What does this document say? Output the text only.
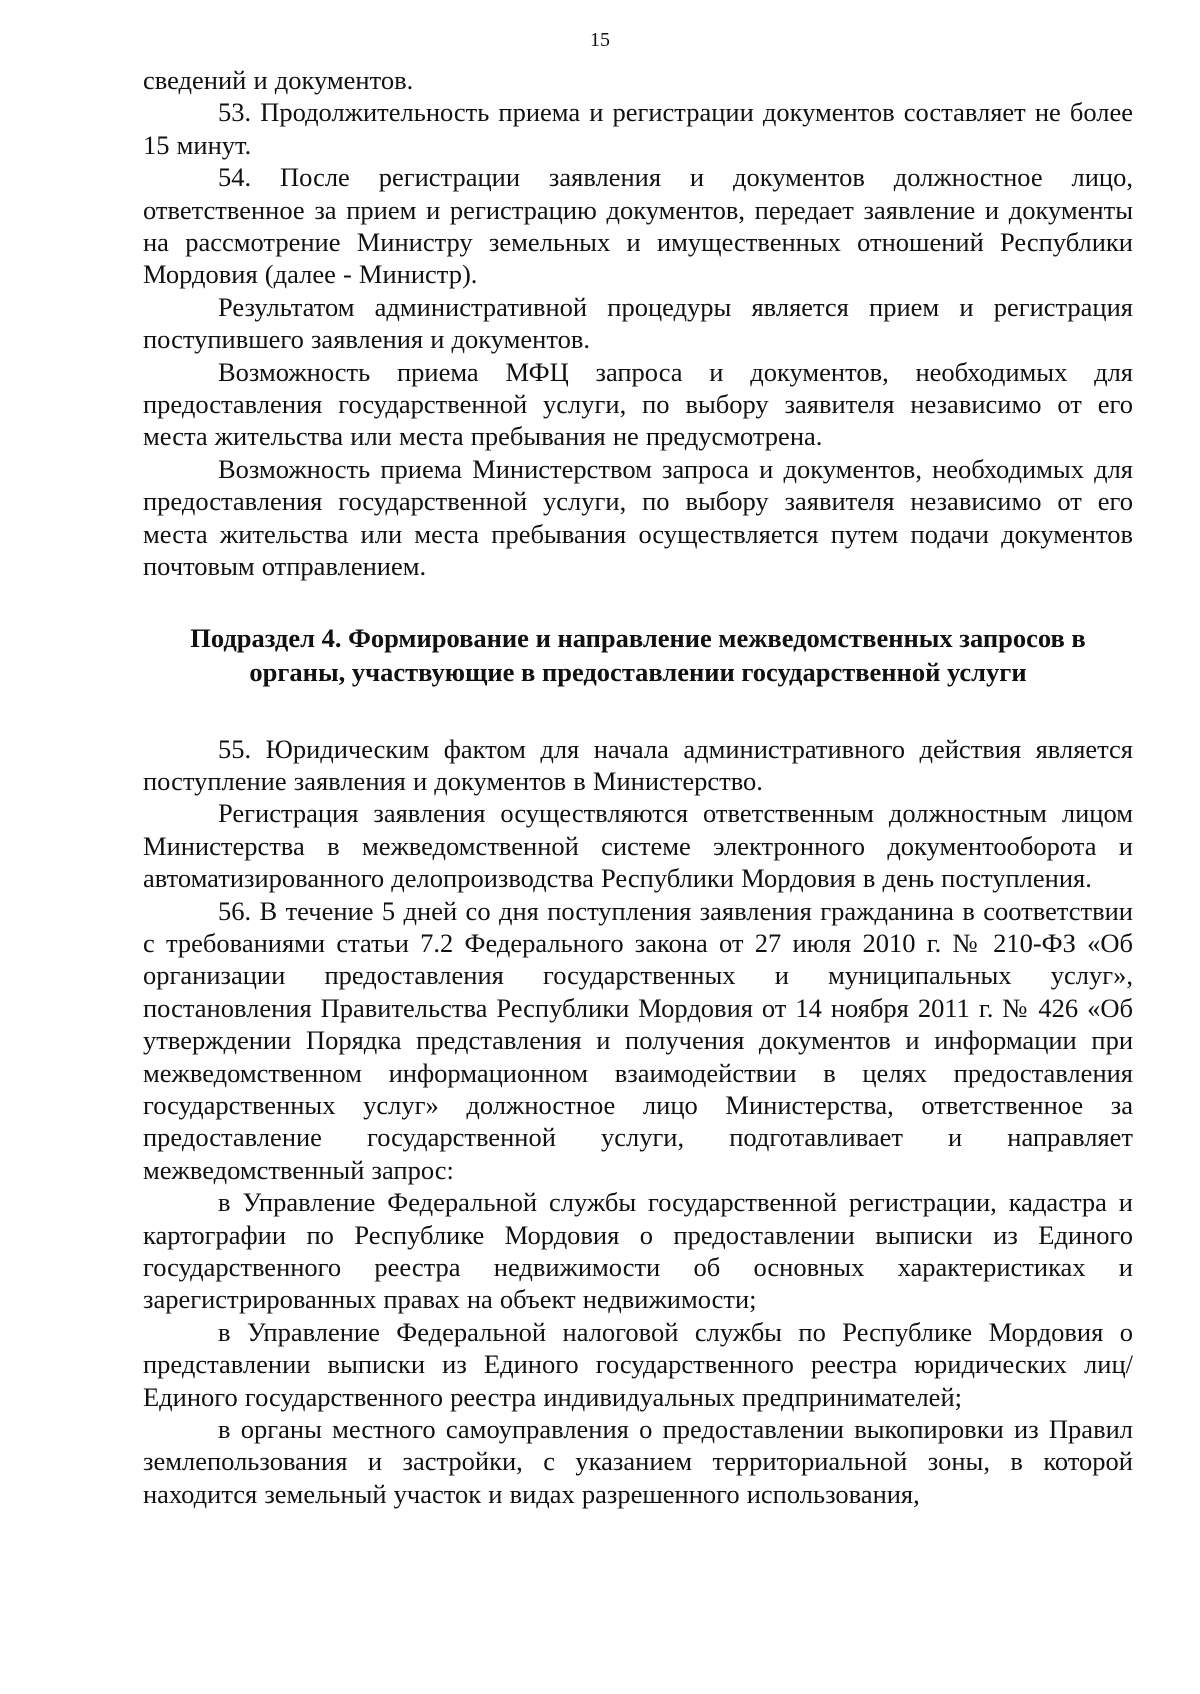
15

сведений и документов.

53. Продолжительность приема и регистрации документов составляет не более 15 минут.

54. После регистрации заявления и документов должностное лицо, ответственное за прием и регистрацию документов, передает заявление и документы на рассмотрение Министру земельных и имущественных отношений Республики Мордовия (далее - Министр).

Результатом административной процедуры является прием и регистрация поступившего заявления и документов.

Возможность приема МФЦ запроса и документов, необходимых для предоставления государственной услуги, по выбору заявителя независимо от его места жительства или места пребывания не предусмотрена.

Возможность приема Министерством запроса и документов, необходимых для предоставления государственной услуги, по выбору заявителя независимо от его места жительства или места пребывания осуществляется путем подачи документов почтовым отправлением.

Подраздел 4. Формирование и направление межведомственных запросов в органы, участвующие в предоставлении государственной услуги

55. Юридическим фактом для начала административного действия является поступление заявления и документов в Министерство.

Регистрация заявления осуществляются ответственным должностным лицом Министерства в межведомственной системе электронного документооборота и автоматизированного делопроизводства Республики Мордовия в день поступления.

56. В течение 5 дней со дня поступления заявления гражданина в соответствии с требованиями статьи 7.2 Федерального закона от 27 июля 2010 г. № 210-ФЗ «Об организации предоставления государственных и муниципальных услуг», постановления Правительства Республики Мордовия от 14 ноября 2011 г. № 426 «Об утверждении Порядка представления и получения документов и информации при межведомственном информационном взаимодействии в целях предоставления государственных услуг» должностное лицо Министерства, ответственное за предоставление государственной услуги, подготавливает и направляет межведомственный запрос:

в Управление Федеральной службы государственной регистрации, кадастра и картографии по Республике Мордовия о предоставлении выписки из Единого государственного реестра недвижимости об основных характеристиках и зарегистрированных правах на объект недвижимости;

в Управление Федеральной налоговой службы по Республике Мордовия о представлении выписки из Единого государственного реестра юридических лиц/Единого государственного реестра индивидуальных предпринимателей;

в органы местного самоуправления о предоставлении выкопировки из Правил землепользования и застройки, с указанием территориальной зоны, в которой находится земельный участок и видах разрешенного использования,
